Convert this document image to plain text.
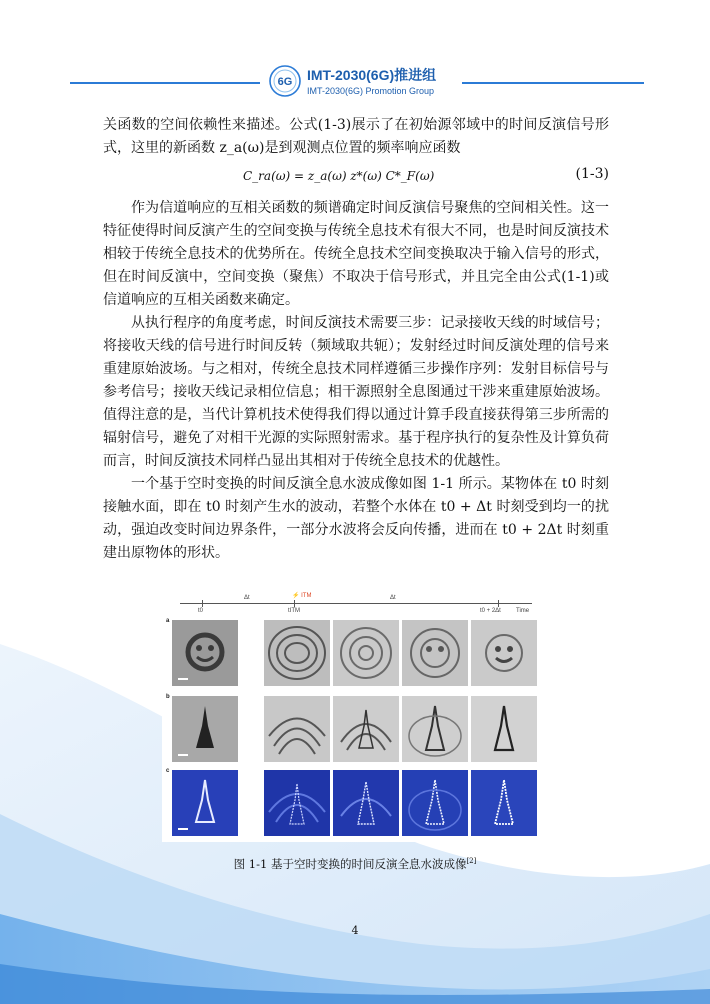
6G IMT-2030(6G)推进组
IMT-2030(6G) Promotion Group

关函数的空间依赖性来描述。公式(1-3)展示了在初始源邻域中的时间反演信号形式，这里的新函数 z_a(ω)是到观测点位置的频率响应函数

C_ra(ω) = z_a(ω) z*(ω) C*_F(ω)	(1-3)

作为信道响应的互相关函数的频谱确定时间反演信号聚焦的空间相关性。这一特征使得时间反演产生的空间变换与传统全息技术有很大不同，也是时间反演技术相较于传统全息技术的优势所在。传统全息技术空间变换取决于输入信号的形式，但在时间反演中，空间变换（聚焦）不取决于信号形式，并且完全由公式(1-1)或信道响应的互相关函数来确定。

从执行程序的角度考虑，时间反演技术需要三步：记录接收天线的时域信号；将接收天线的信号进行时间反转（频域取共轭）；发射经过时间反演处理的信号来重建原始波场。与之相对，传统全息技术同样遵循三步操作序列：发射目标信号与参考信号；接收天线记录相位信息；相干源照射全息图通过干涉来重建原始波场。值得注意的是，当代计算机技术使得我们得以通过计算手段直接获得第三步所需的辐射信号，避免了对相干光源的实际照射需求。基于程序执行的复杂性及计算负荷而言，时间反演技术同样凸显出其相对于传统全息技术的优越性。

一个基于空时变换的时间反演全息水波成像如图 1-1 所示。某物体在 t0 时刻接触水面，即在 t0 时刻产生水的波动，若整个水体在 t0 + Δt 时刻受到均一的扰动，强迫改变时间边界条件，一部分水波将会反向传播，进而在 t0 + 2Δt 时刻重建出原物体的形状。

t0
Δt	⚡ ITM
tITM
Δt
t0 + 2Δt	Time
a
b
c
图 1-1 基于空时变换的时间反演全息水波成像[2]
4
